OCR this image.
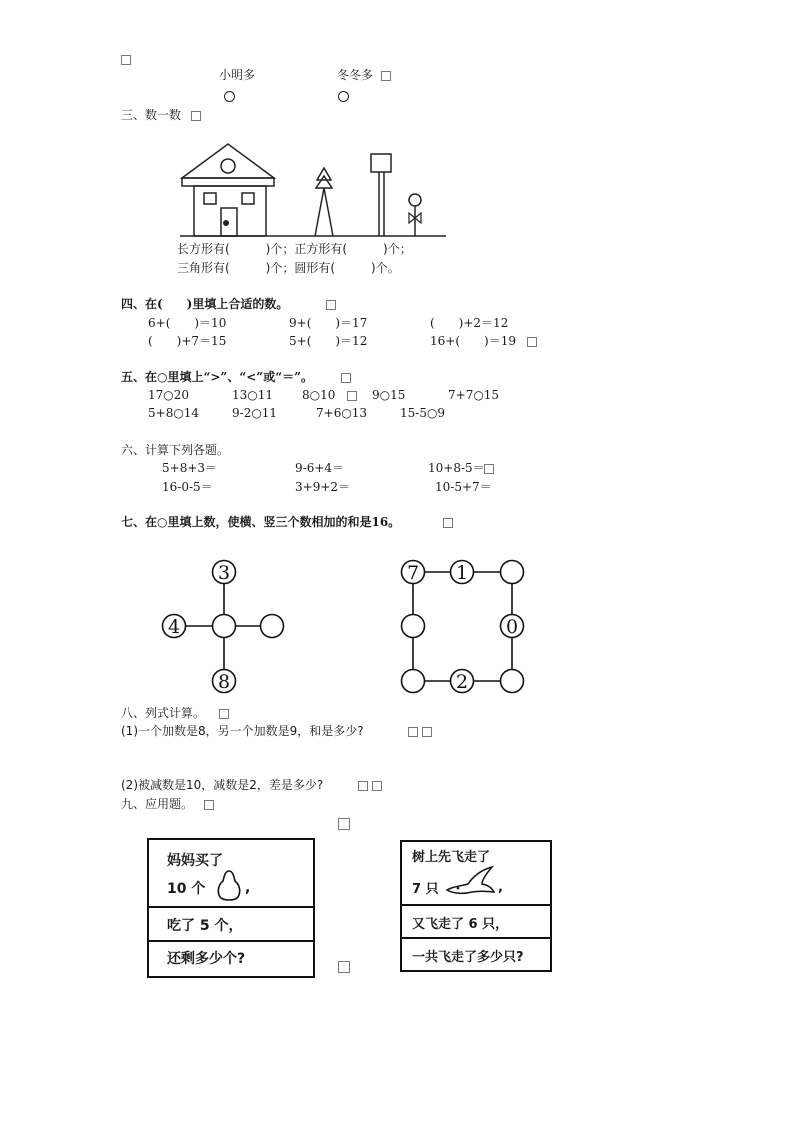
小明多	冬冬多
三、数一数
长方形有(　　　)个；正方形有(　　　)个；
三角形有(　　　)个；圆形有(　　　)个。
四、在(　　)里填上合适的数。
6+(　　)＝10	9+(　　)＝17	(　　)+2＝12
(　　)+7＝15	5+(　　)＝12	16+(　　)＝19
五、在○里填上“>”、“<”或“＝”。
17○20	13○11 8○10	9○15	7+7○15
5+8○14	9-2○11	7+6○13	15-5○9
六、计算下列各题。
5+8+3＝	9-6+4＝	10+8-5＝
16-0-5＝	3+9+2＝	10-5+7＝
七、在○里填上数，使横、竖三个数相加的和是16。
3
4
8
7 1
0
2
八、列式计算。
(1)一个加数是8，另一个加数是9，和是多少?
(2)被减数是10，减数是2，差是多少?
九、应用题。
妈妈买了
10 个	,
吃了 5 个，
还剩多少个?
树上先飞走了
7 只	,
又飞走了 6 只，
一共飞走了多少只?
